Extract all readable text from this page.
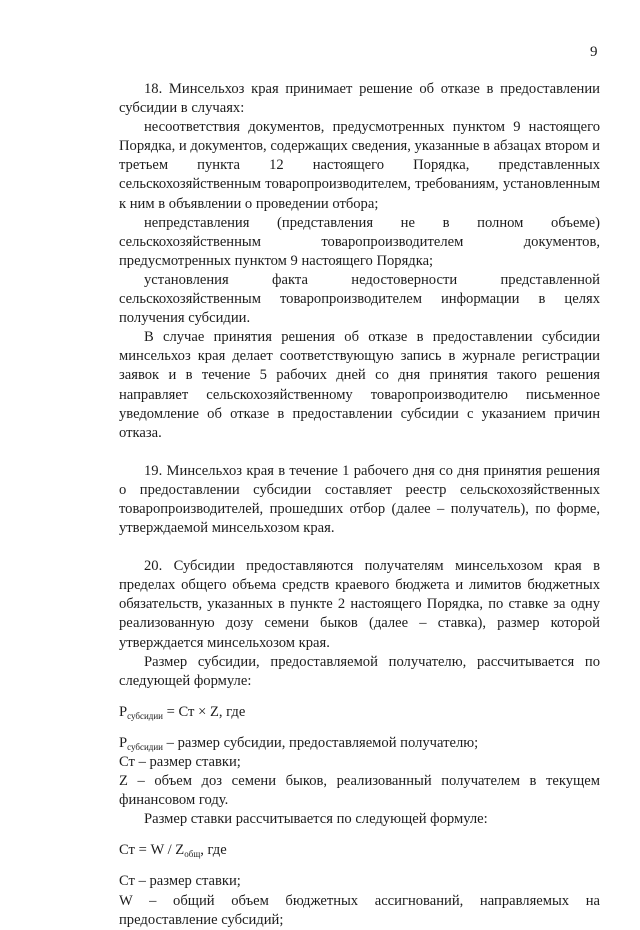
9

18. Минсельхоз края принимает решение об отказе в предоставлении субсидии в случаях:

несоответствия документов, предусмотренных пунктом 9 настоящего Порядка, и документов, содержащих сведения, указанные в абзацах втором и третьем пункта 12 настоящего Порядка, представленных сельскохозяйственным товаропроизводителем, требованиям, установленным к ним в объявлении о проведении отбора;

непредставления (представления не в полном объеме) сельскохозяйственным товаропроизводителем документов, предусмотренных пунктом 9 настоящего Порядка;

установления факта недостоверности представленной сельскохозяйственным товаропроизводителем информации в целях получения субсидии.

В случае принятия решения об отказе в предоставлении субсидии минсельхоз края делает соответствующую запись в журнале регистрации заявок и в течение 5 рабочих дней со дня принятия такого решения направляет сельскохозяйственному товаропроизводителю письменное уведомление об отказе в предоставлении субсидии с указанием причин отказа.

19. Минсельхоз края в течение 1 рабочего дня со дня принятия решения о предоставлении субсидии составляет реестр сельскохозяйственных товаропроизводителей, прошедших отбор (далее – получатель), по форме, утверждаемой минсельхозом края.

20. Субсидии предоставляются получателям минсельхозом края в пределах общего объема средств краевого бюджета и лимитов бюджетных обязательств, указанных в пункте 2 настоящего Порядка, по ставке за одну реализованную дозу семени быков (далее – ставка), размер которой утверждается минсельхозом края.

Размер субсидии, предоставляемой получателю, рассчитывается по следующей формуле:

$Р_{субсидии}$ = Ст × Z, где

$Р_{субсидии}$ – размер субсидии, предоставляемой получателю;

Ст – размер ставки;

Z – объем доз семени быков, реализованный получателем в текущем финансовом году.

Размер ставки рассчитывается по следующей формуле:

Ст = W / $Z_{общ}$, где

Ст – размер ставки;

W – общий объем бюджетных ассигнований, направляемых на предоставление субсидий;
